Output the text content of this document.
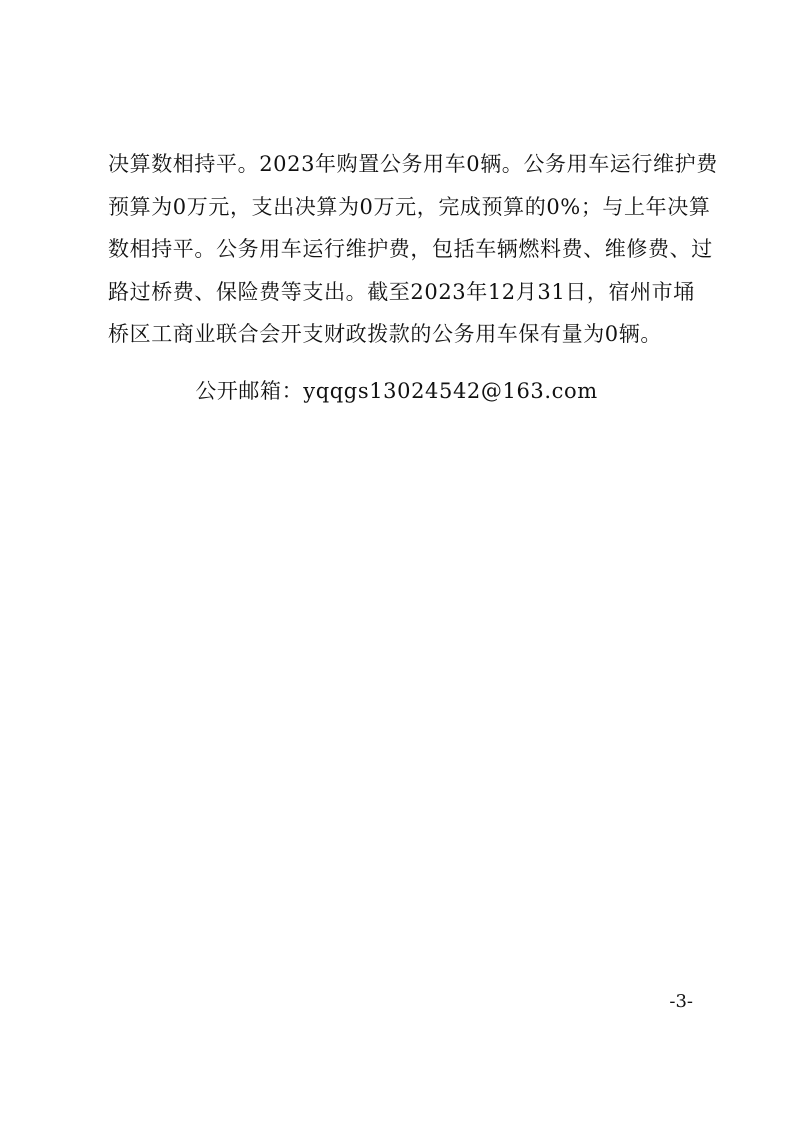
决算数相持平。2023年购置公务用车0辆。公务用车运行维护费
预算为0万元，支出决算为0万元，完成预算的0%；与上年决算
数相持平。公务用车运行维护费，包括车辆燃料费、维修费、过
路过桥费、保险费等支出。截至2023年12月31日，宿州市埇
桥区工商业联合会开支财政拨款的公务用车保有量为0辆。
公开邮箱：yqqgs13024542@163.com
-3-
